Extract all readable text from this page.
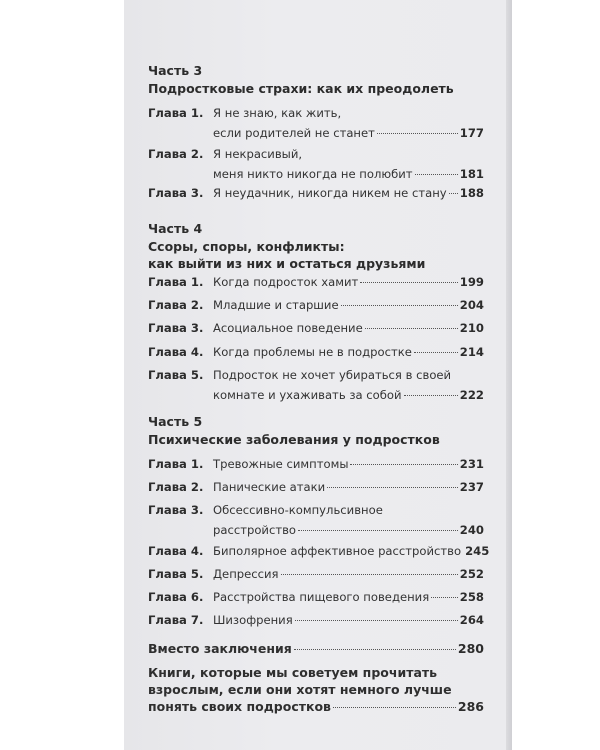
Часть 3
Подростковые страхи: как их преодолеть
Глава 1. Я не знаю, как жить,
если родителей не станет	177
Глава 2. Я некрасивый,
меня никто никогда не полюбит	181
Глава 3. Я неудачник, никогда никем не стану 188
Часть 4
Ссоры, споры, конфликты:
как выйти из них и остаться друзьями
Глава 1. Когда подросток хамит	199
Глава 2. Младшие и старшие	204
Глава 3. Асоциальное поведение	210
Глава 4. Когда проблемы не в подростке	214
Глава 5. Подросток не хочет убираться в своей
комнате и ухаживать за собой	222
Часть 5
Психические заболевания у подростков
Глава 1. Тревожные симптомы	231
Глава 2. Панические атаки	237
Глава 3. Обсессивно-компульсивное
расстройство	240
Глава 4. Биполярное аффективное расстройство 245
Глава 5. Депрессия	252
Глава 6. Расстройства пищевого поведения	258
Глава 7. Шизофрения	264
Вместо заключения	280
Книги, которые мы советуем прочитать
взрослым, если они хотят немного лучше
понять своих подростков	286
